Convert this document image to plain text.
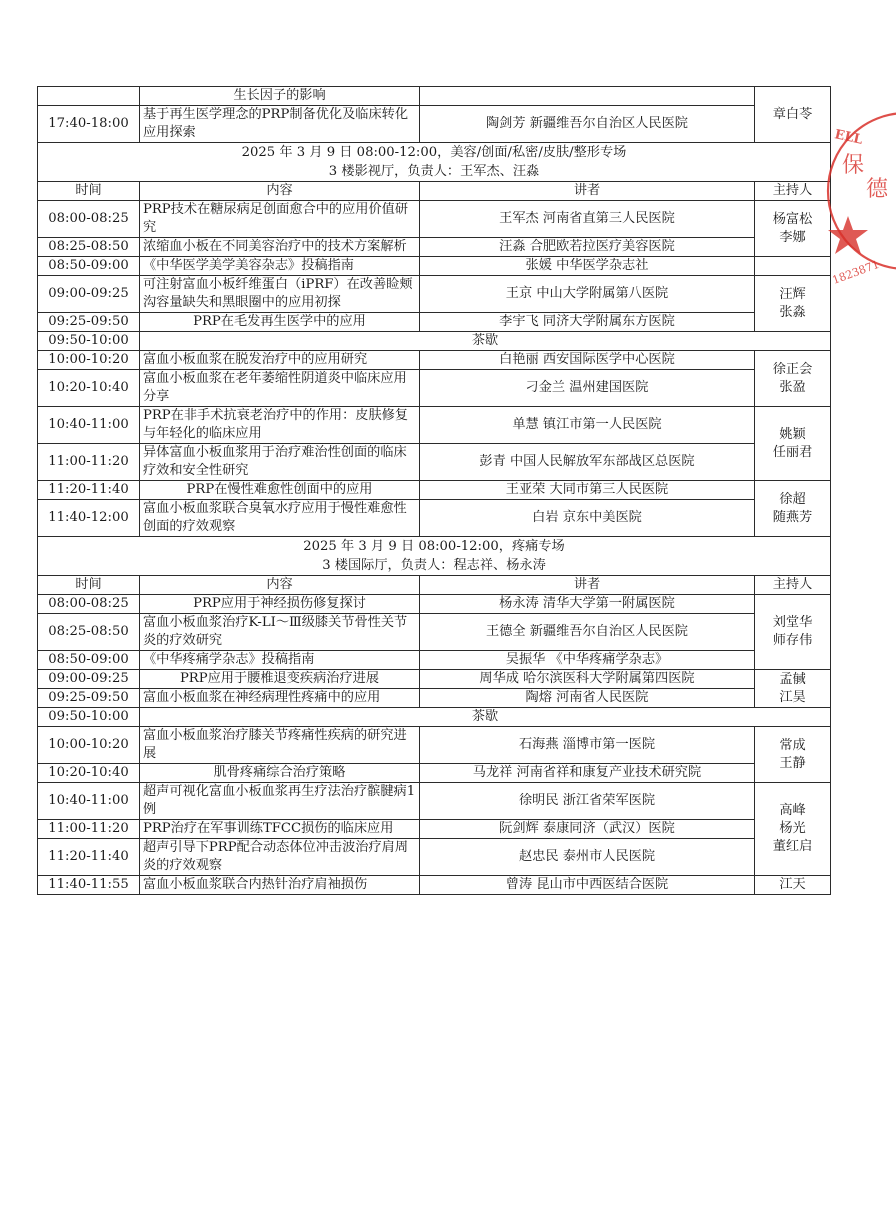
	生长因子的影响		章白苓
17:40-18:00	基于再生医学理念的PRP制备优化及临床转化应用探索	陶剑芳 新疆维吾尔自治区人民医院	
2025 年 3 月 9 日 08:00-12:00，美容/创面/私密/皮肤/整形专场
3 楼影视厅，负责人：王军杰、汪淼			
时间	内容	讲者	主持人
08:00-08:25	PRP技术在糖尿病足创面愈合中的应用价值研究	王军杰 河南省直第三人民医院	杨富松
李娜
08:25-08:50	浓缩血小板在不同美容治疗中的技术方案解析	汪淼 合肥欧若拉医疗美容医院	
08:50-09:00	《中华医学美学美容杂志》投稿指南	张媛 中华医学杂志社	
09:00-09:25	可注射富血小板纤维蛋白（iPRF）在改善睑颊沟容量缺失和黑眼圈中的应用初探	王京 中山大学附属第八医院	汪辉
张淼
09:25-09:50	PRP在毛发再生医学中的应用	李宇飞 同济大学附属东方医院	
09:50-10:00	茶歇		
10:00-10:20	富血小板血浆在脱发治疗中的应用研究	白艳丽 西安国际医学中心医院	徐正会
张盈
10:20-10:40	富血小板血浆在老年萎缩性阴道炎中临床应用分享	刁金兰 温州建国医院	
10:40-11:00	PRP在非手术抗衰老治疗中的作用：皮肤修复与年轻化的临床应用	单慧 镇江市第一人民医院	姚颖
任丽君
11:00-11:20	异体富血小板血浆用于治疗难治性创面的临床疗效和安全性研究	彭青 中国人民解放军东部战区总医院	
11:20-11:40	PRP在慢性难愈性创面中的应用	王亚荣 大同市第三人民医院	徐超
随燕芳
11:40-12:00	富血小板血浆联合臭氧水疗应用于慢性难愈性创面的疗效观察	白岩 京东中美医院	
2025 年 3 月 9 日 08:00-12:00，疼痛专场
3 楼国际厅，负责人：程志祥、杨永涛			
时间	内容	讲者	主持人
08:00-08:25	PRP应用于神经损伤修复探讨	杨永涛 清华大学第一附属医院	刘堂华
师存伟
08:25-08:50	富血小板血浆治疗K-LⅠ～Ⅲ级膝关节骨性关节炎的疗效研究	王德全 新疆维吾尔自治区人民医院	
08:50-09:00	《中华疼痛学杂志》投稿指南	吴振华 《中华疼痛学杂志》	
09:00-09:25	PRP应用于腰椎退变疾病治疗进展	周华成 哈尔滨医科大学附属第四医院	孟戫
江昊
09:25-09:50	富血小板血浆在神经病理性疼痛中的应用	陶熔 河南省人民医院	
09:50-10:00	茶歇		
10:00-10:20	富血小板血浆治疗膝关节疼痛性疾病的研究进展	石海燕 淄博市第一医院	常成
王静
10:20-10:40	肌骨疼痛综合治疗策略	马龙祥 河南省祥和康复产业技术研究院	
10:40-11:00	超声可视化富血小板血浆再生疗法治疗髌腱病1例	徐明民 浙江省荣军医院	高峰
杨光
董红启
11:00-11:20	PRP治疗在军事训练TFCC损伤的临床应用	阮剑辉 泰康同济（武汉）医院	
11:20-11:40	超声引导下PRP配合动态体位冲击波治疗肩周炎的疗效观察	赵忠民 泰州市人民医院	
11:40-11:55	富血小板血浆联合内热针治疗肩袖损伤	曾涛 昆山市中西医结合医院	江天
ELL
保
德
1823871
